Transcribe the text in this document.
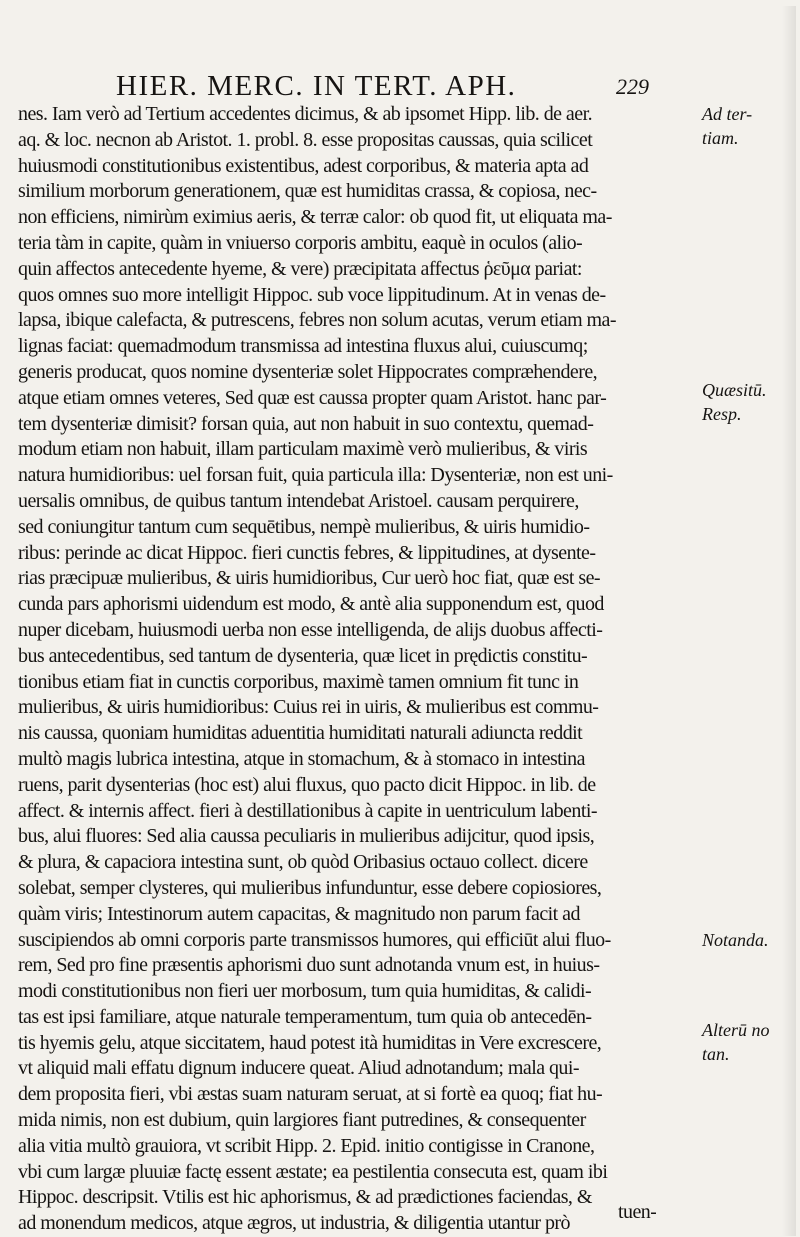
HIER. MERC. IN TERT. APH.	229
nes. Iam verò ad Tertium accedentes dicimus, & ab ipsomet Hipp. lib. de aer.
aq. & loc. necnon ab Aristot. 1. probl. 8. esse propositas caussas, quia scilicet
huiusmodi constitutionibus existentibus, adest corporibus, & materia apta ad
similium morborum generationem, quæ est humiditas crassa, & copiosa, nec-
non efficiens, nimirùm eximius aeris, & terræ calor: ob quod fit, ut eliquata ma-
teria tàm in capite, quàm in vniuerso corporis ambitu, eaquè in oculos (alio-
quin affectos antecedente hyeme, & vere) præcipitata affectus ῥεῦμα pariat:
quos omnes suo more intelligit Hippoc. sub voce lippitudinum. At in venas de-
lapsa, ibique calefacta, & putrescens, febres non solum acutas, verum etiam ma-
lignas faciat: quemadmodum transmissa ad intestina fluxus alui, cuiuscumq;
generis producat, quos nomine dysenteriæ solet Hippocrates compræhendere,
atque etiam omnes veteres, Sed quæ est caussa propter quam Aristot. hanc par-
tem dysenteriæ dimisit? forsan quia, aut non habuit in suo contextu, quemad-
modum etiam non habuit, illam particulam maximè verò mulieribus, & viris
natura humidioribus: uel forsan fuit, quia particula illa: Dysenteriæ, non est uni-
uersalis omnibus, de quibus tantum intendebat Aristoel. causam perquirere,
sed coniungitur tantum cum sequētibus, nempè mulieribus, & uiris humidio-
ribus: perinde ac dicat Hippoc. fieri cunctis febres, & lippitudines, at dysente-
rias præcipuæ mulieribus, & uiris humidioribus, Cur uerò hoc fiat, quæ est se-
cunda pars aphorismi uidendum est modo, & antè alia supponendum est, quod
nuper dicebam, huiusmodi uerba non esse intelligenda, de alijs duobus affecti-
bus antecedentibus, sed tantum de dysenteria, quæ licet in prędictis constitu-
tionibus etiam fiat in cunctis corporibus, maximè tamen omnium fit tunc in
mulieribus, & uiris humidioribus: Cuius rei in uiris, & mulieribus est commu-
nis caussa, quoniam humiditas aduentitia humiditati naturali adiuncta reddit
multò magis lubrica intestina, atque in stomachum, & à stomaco in intestina
ruens, parit dysenterias (hoc est) alui fluxus, quo pacto dicit Hippoc. in lib. de
affect. & internis affect. fieri à destillationibus à capite in uentriculum labenti-
bus, alui fluores: Sed alia caussa peculiaris in mulieribus adijcitur, quod ipsis,
& plura, & capaciora intestina sunt, ob quòd Oribasius octauo collect. dicere
solebat, semper clysteres, qui mulieribus infunduntur, esse debere copiosiores,
quàm viris; Intestinorum autem capacitas, & magnitudo non parum facit ad
suscipiendos ab omni corporis parte transmissos humores, qui efficiūt alui fluo-
rem, Sed pro fine præsentis aphorismi duo sunt adnotanda vnum est, in huius-
modi constitutionibus non fieri uer morbosum, tum quia humiditas, & calidi-
tas est ipsi familiare, atque naturale temperamentum, tum quia ob antecedēn-
tis hyemis gelu, atque siccitatem, haud potest ità humiditas in Vere excrescere,
vt aliquid mali effatu dignum inducere queat. Aliud adnotandum; mala qui-
dem proposita fieri, vbi æstas suam naturam seruat, at si fortè ea quoq; fiat hu-
mida nimis, non est dubium, quin largiores fiant putredines, & consequenter
alia vitia multò grauiora, vt scribit Hipp. 2. Epid. initio contigisse in Cranone,
vbi cum largæ pluuiæ factę essent æstate; ea pestilentia consecuta est, quam ibi
Hippoc. descripsit. Vtilis est hic aphorismus, & ad prædictiones faciendas, &
ad monendum medicos, atque ægros, ut industria, & diligentia utantur prò
Ad ter-
tiam.
Quæsitū.
Resp.
Notanda.
Alterū no
tan.
tuen-
